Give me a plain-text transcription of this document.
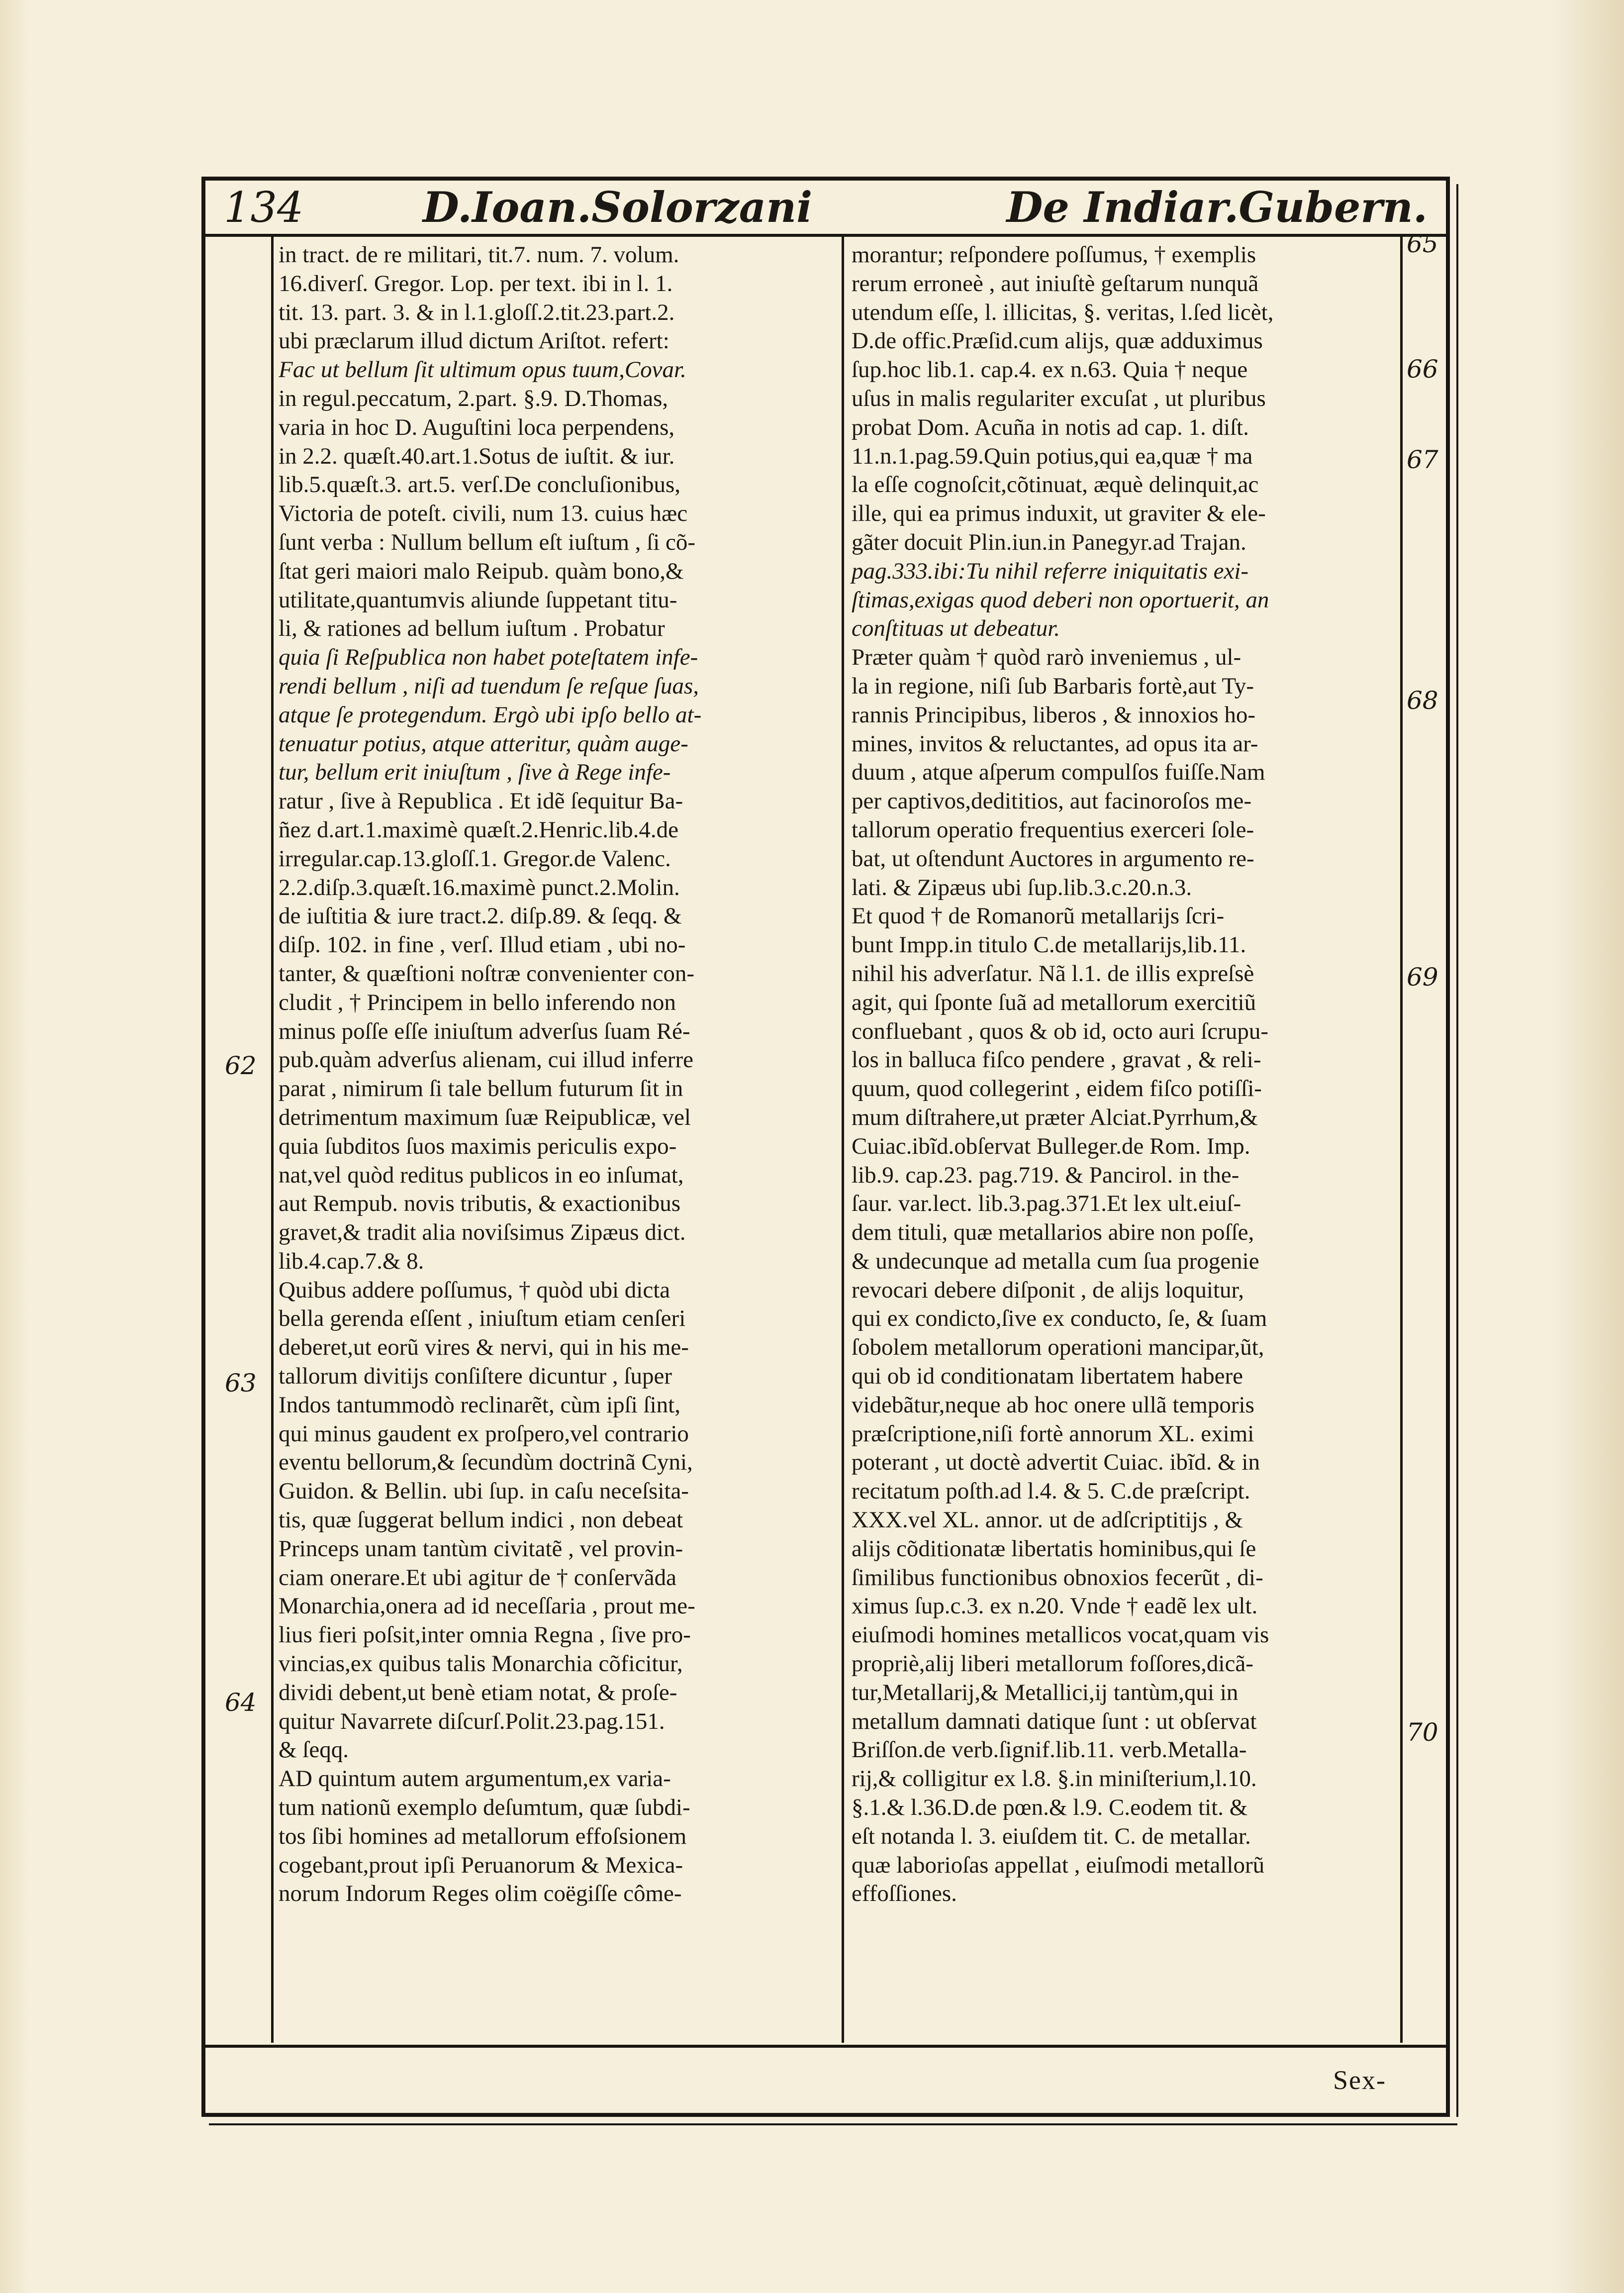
134	D.Ioan.Solorzani	De Indiar.Gubern.
in tract. de re militari, tit.7. num. 7. volum.
16.diverſ. Gregor. Lop. per text. ibi in l. 1.
tit. 13. part. 3. & in l.1.gloſſ.2.tit.23.part.2.
ubi præclarum illud dictum Ariſtot. refert:
Fac ut bellum ſit ultimum opus tuum,Covar.
in regul.peccatum, 2.part. §.9. D.Thomas,
varia in hoc D. Auguſtini loca perpendens,
in 2.2. quæſt.40.art.1.Sotus de iuſtit. & iur.
lib.5.quæſt.3. art.5. verſ.De concluſionibus,
Victoria de poteſt. civili, num 13. cuius hæc
ſunt verba : Nullum bellum eſt iuſtum , ſi cõ-
ſtat geri maiori malo Reipub. quàm bono,&
utilitate,quantumvis aliunde ſuppetant titu-
li, & rationes ad bellum iuſtum . Probatur
quia ſi Reſpublica non habet poteſtatem infe-
rendi bellum , niſi ad tuendum ſe reſque ſuas,
atque ſe protegendum. Ergò ubi ipſo bello at-
tenuatur potius, atque atteritur, quàm auge-
tur, bellum erit iniuſtum , ſive à Rege infe-
ratur , ſive à Republica . Et idẽ ſequitur Ba-
ñez d.art.1.maximè quæſt.2.Henric.lib.4.de
irregular.cap.13.gloſſ.1. Gregor.de Valenc.
2.2.diſp.3.quæſt.16.maximè punct.2.Molin.
de iuſtitia & iure tract.2. diſp.89. & ſeqq. &
diſp. 102. in fine , verſ. Illud etiam , ubi no-
tanter, & quæſtioni noſtræ convenienter con-
cludit , † Principem in bello inferendo non
minus poſſe eſſe iniuſtum adverſus ſuam Ré-
pub.quàm adverſus alienam, cui illud inferre
parat , nimirum ſi tale bellum futurum ſit in
detrimentum maximum ſuæ Reipublicæ, vel
quia ſubditos ſuos maximis periculis expo-
nat,vel quòd reditus publicos in eo inſumat,
aut Rempub. novis tributis, & exactionibus
gravet,& tradit alia noviſsimus Zipæus dict.
lib.4.cap.7.& 8.
Quibus addere poſſumus, † quòd ubi dicta
bella gerenda eſſent , iniuſtum etiam cenſeri
deberet,ut eorũ vires & nervi, qui in his me-
tallorum divitijs conſiſtere dicuntur , ſuper
Indos tantummodò reclinarẽt, cùm ipſi ſint,
qui minus gaudent ex proſpero,vel contrario
eventu bellorum,& ſecundùm doctrinã Cyni,
Guidon. & Bellin. ubi ſup. in caſu neceſsita-
tis, quæ ſuggerat bellum indici , non debeat
Princeps unam tantùm civitatẽ , vel provin-
ciam onerare.Et ubi agitur de † conſervãda
Monarchia,onera ad id neceſſaria , prout me-
lius fieri poſsit,inter omnia Regna , ſive pro-
vincias,ex quibus talis Monarchia cõficitur,
dividi debent,ut benè etiam notat, & proſe-
quitur Navarrete diſcurſ.Polit.23.pag.151.
& ſeqq.
AD quintum autem argumentum,ex varia-
tum nationũ exemplo deſumtum, quæ ſubdi-
tos ſibi homines ad metallorum effoſsionem
cogebant,prout ipſi Peruanorum & Mexica-
norum Indorum Reges olim coëgiſſe côme-
morantur; reſpondere poſſumus, † exemplis
rerum erroneè , aut iniuſtè geſtarum nunquã
utendum eſſe, l. illicitas, §. veritas, l.ſed licèt,
D.de offic.Præſid.cum alijs, quæ adduximus
ſup.hoc lib.1. cap.4. ex n.63. Quia † neque
uſus in malis regulariter excuſat , ut pluribus
probat Dom. Acuña in notis ad cap. 1. diſt.
11.n.1.pag.59.Quin potius,qui ea,quæ † ma
la eſſe cognoſcit,cõtinuat, æquè delinquit,ac
ille, qui ea primus induxit, ut graviter & ele-
gãter docuit Plin.iun.in Panegyr.ad Trajan.
pag.333.ibi:Tu nihil referre iniquitatis exi-
ſtimas,exigas quod deberi non oportuerit, an
conſtituas ut debeatur.
Præter quàm † quòd rarò inveniemus , ul-
la in regione, niſi ſub Barbaris fortè,aut Ty-
rannis Principibus, liberos , & innoxios ho-
mines, invitos & reluctantes, ad opus ita ar-
duum , atque aſperum compulſos fuiſſe.Nam
per captivos,dedititios, aut facinoroſos me-
tallorum operatio frequentius exerceri ſole-
bat, ut oſtendunt Auctores in argumento re-
lati. & Zipæus ubi ſup.lib.3.c.20.n.3.
Et quod † de Romanorũ metallarijs ſcri-
bunt Impp.in titulo C.de metallarijs,lib.11.
nihil his adverſatur. Nã l.1. de illis expreſsè
agit, qui ſponte ſuã ad metallorum exercitiũ
confluebant , quos & ob id, octo auri ſcrupu-
los in balluca fiſco pendere , gravat , & reli-
quum, quod collegerint , eidem fiſco potiſſi-
mum diſtrahere,ut præter Alciat.Pyrrhum,&
Cuiac.ibĩd.obſervat Bulleger.de Rom. Imp.
lib.9. cap.23. pag.719. & Pancirol. in the-
ſaur. var.lect. lib.3.pag.371.Et lex ult.eiuſ-
dem tituli, quæ metallarios abire non poſſe,
& undecunque ad metalla cum ſua progenie
revocari debere diſponit , de alijs loquitur,
qui ex condicto,ſive ex conducto, ſe, & ſuam
ſobolem metallorum operationi mancipar,ũt,
qui ob id conditionatam libertatem habere
videbãtur,neque ab hoc onere ullã temporis
præſcriptione,niſi fortè annorum XL. eximi
poterant , ut doctè advertit Cuiac. ibĩd. & in
recitatum poſth.ad l.4. & 5. C.de præſcript.
XXX.vel XL. annor. ut de adſcriptitijs , &
alijs cõditionatæ libertatis hominibus,qui ſe
ſimilibus functionibus obnoxios fecerũt , di-
ximus ſup.c.3. ex n.20. Vnde † eadẽ lex ult.
eiuſmodi homines metallicos vocat,quam vis
propriè,alij liberi metallorum foſſores,dicã-
tur,Metallarij,& Metallici,ij tantùm,qui in
metallum damnati datique ſunt : ut obſervat
Briſſon.de verb.ſignif.lib.11. verb.Metalla-
rij,& colligitur ex l.8. §.in miniſterium,l.10.
§.1.& l.36.D.de pœn.& l.9. C.eodem tit. &
eſt notanda l. 3. eiuſdem tit. C. de metallar.
quæ laborioſas appellat , eiuſmodi metallorũ
effoſſiones.
62
63
64
65
66
67
68
69
70
Sex-
